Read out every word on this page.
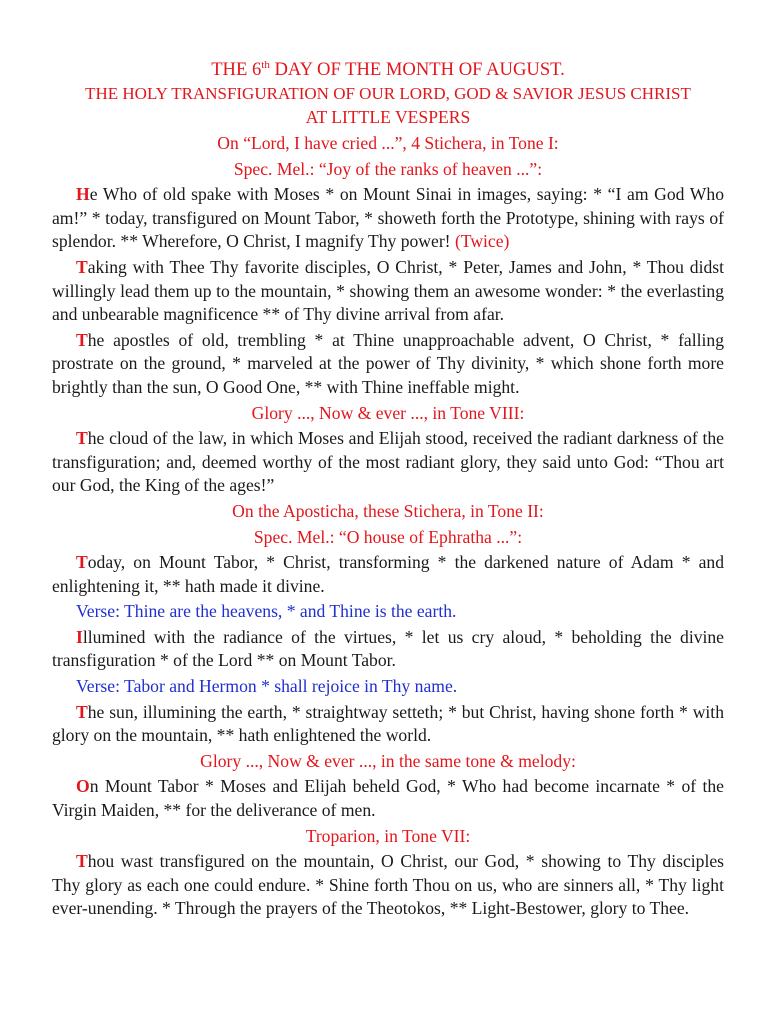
THE 6th DAY OF THE MONTH OF AUGUST.

THE HOLY TRANSFIGURATION OF OUR LORD, GOD & SAVIOR JESUS CHRIST

AT LITTLE VESPERS

On “Lord, I have cried ...”, 4 Stichera, in Tone I:

Spec. Mel.: “Joy of the ranks of heaven ...”:

He Who of old spake with Moses * on Mount Sinai in images, saying: * “I am God Who am!” * today, transfigured on Mount Tabor, * showeth forth the Prototype, shining with rays of splendor. ** Wherefore, O Christ, I magnify Thy power! (Twice)

Taking with Thee Thy favorite disciples, O Christ, * Peter, James and John, * Thou didst willingly lead them up to the mountain, * showing them an awesome wonder: * the everlasting and unbearable magnificence ** of Thy divine arrival from afar.

The apostles of old, trembling * at Thine unapproachable advent, O Christ, * falling prostrate on the ground, * marveled at the power of Thy divinity, * which shone forth more brightly than the sun, O Good One, ** with Thine ineffable might.

Glory ..., Now & ever ..., in Tone VIII:

The cloud of the law, in which Moses and Elijah stood, received the radiant darkness of the transfiguration; and, deemed worthy of the most radiant glory, they said unto God: “Thou art our God, the King of the ages!”

On the Aposticha, these Stichera, in Tone II:

Spec. Mel.: “O house of Ephratha ...”:

Today, on Mount Tabor, * Christ, transforming * the darkened nature of Adam * and enlightening it, ** hath made it divine.

Verse: Thine are the heavens, * and Thine is the earth.

Illumined with the radiance of the virtues, * let us cry aloud, * beholding the divine transfiguration * of the Lord ** on Mount Tabor.

Verse: Tabor and Hermon * shall rejoice in Thy name.

The sun, illumining the earth, * straightway setteth; * but Christ, having shone forth * with glory on the mountain, ** hath enlightened the world.

Glory ..., Now & ever ..., in the same tone & melody:

On Mount Tabor * Moses and Elijah beheld God, * Who had become incarnate * of the Virgin Maiden, ** for the deliverance of men.

Troparion, in Tone VII:

Thou wast transfigured on the mountain, O Christ, our God, * showing to Thy disciples Thy glory as each one could endure. * Shine forth Thou on us, who are sinners all, * Thy light ever-unending. * Through the prayers of the Theotokos, ** Light-Bestower, glory to Thee.
